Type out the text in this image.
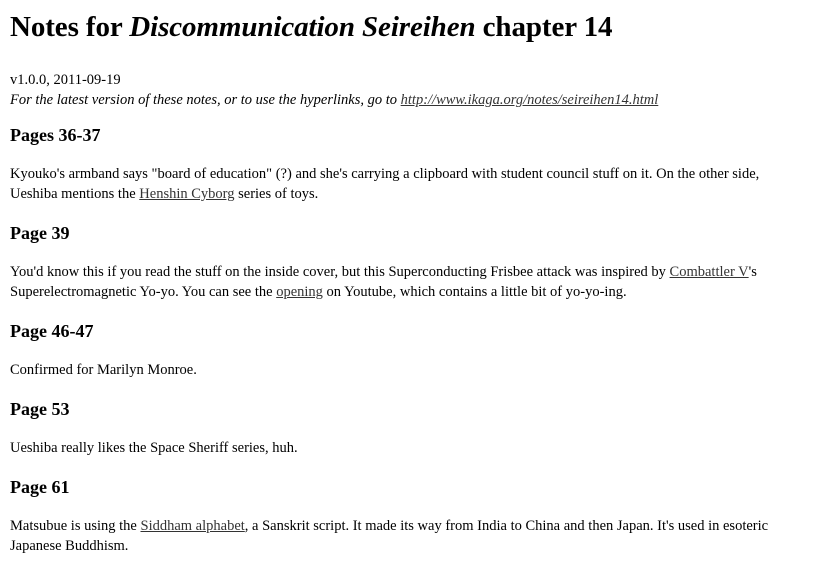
Notes for Discommunication Seireihen chapter 14
v1.0.0, 2011-09-19
For the latest version of these notes, or to use the hyperlinks, go to http://www.ikaga.org/notes/seireihen14.html
Pages 36-37

Kyouko's armband says "board of education" (?) and she's carrying a clipboard with student council stuff on it. On the other side, Ueshiba mentions the Henshin Cyborg series of toys.

Page 39

You'd know this if you read the stuff on the inside cover, but this Superconducting Frisbee attack was inspired by Combattler V's Superelectromagnetic Yo-yo. You can see the opening on Youtube, which contains a little bit of yo-yo-ing.

Page 46-47

Confirmed for Marilyn Monroe.

Page 53

Ueshiba really likes the Space Sheriff series, huh.

Page 61

Matsubue is using the Siddham alphabet, a Sanskrit script. It made its way from India to China and then Japan. It's used in esoteric Japanese Buddhism.
